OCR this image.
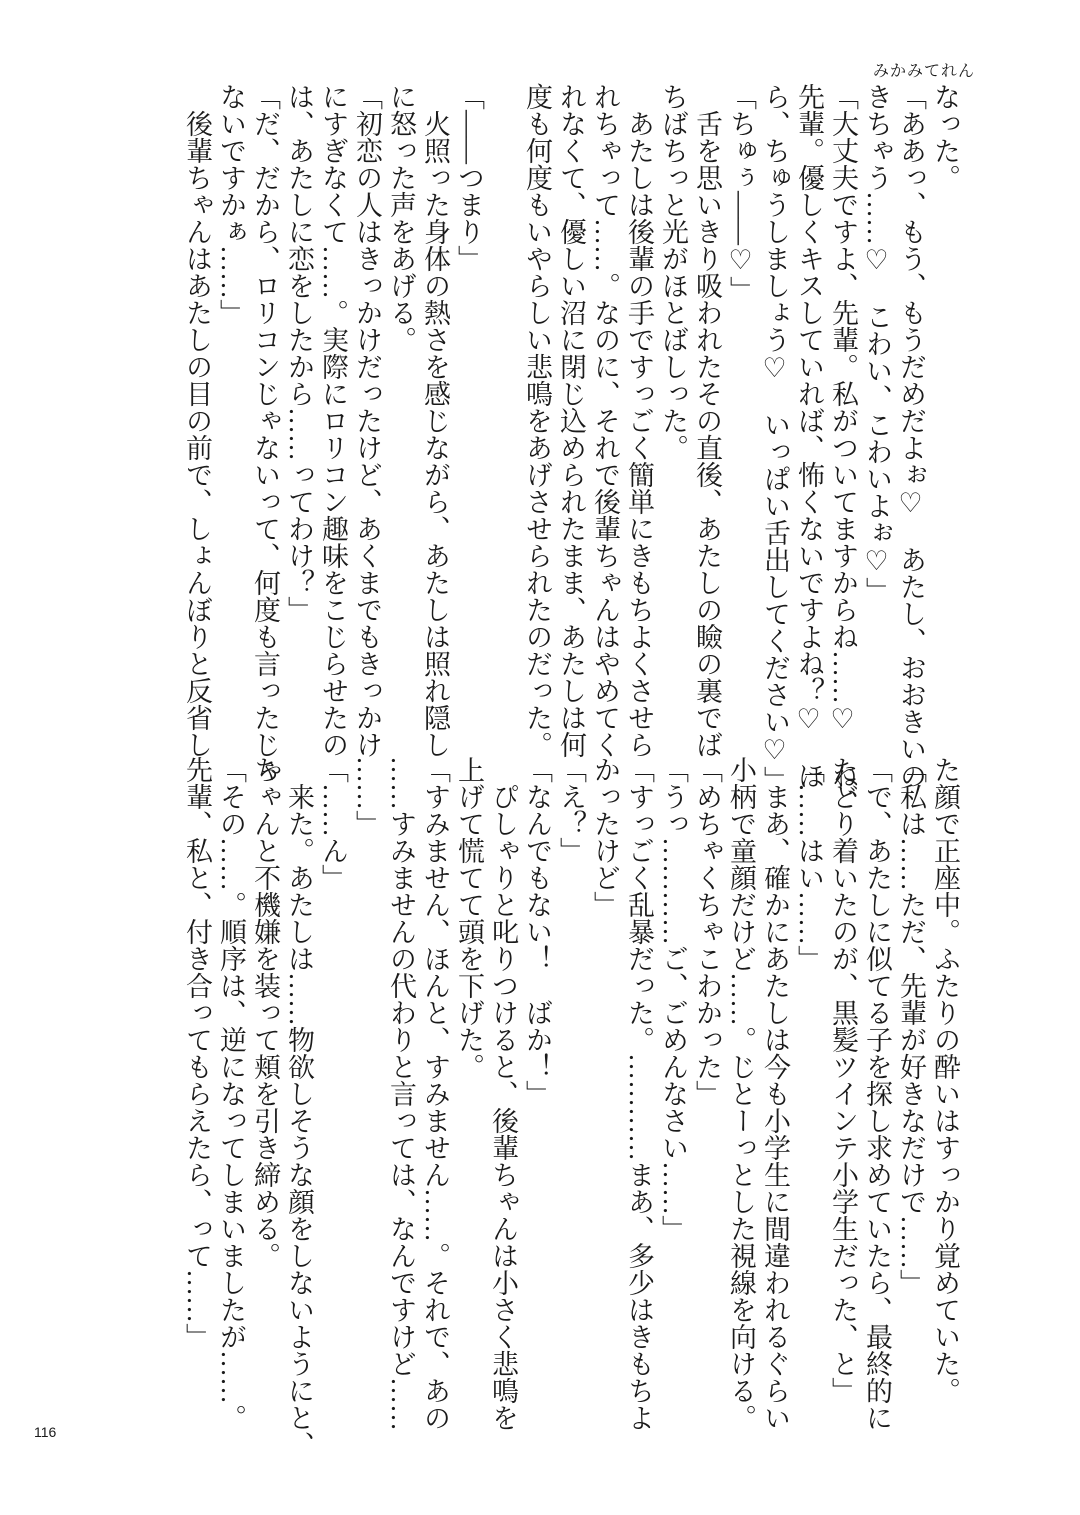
みかみてれん
なった。
「ああっ、もう、もうだめだよぉ♡　あたし、おおきいの
きちゃう……♡　こわい、こわいよぉ♡」
「大丈夫ですよ、先輩。私がついてますからね……♡　ね、
先輩。優しくキスしていれば、怖くないですよね？♡　ほ
ら、ちゅうしましょう♡　いっぱい舌出してください♡」
「ちゅぅ――♡」
　舌を思いきり吸われたその直後、あたしの瞼の裏でば
ちばちっと光がほとばしった。
　あたしは後輩の手ですっごく簡単にきもちよくさせら
れちゃって……。なのに、それで後輩ちゃんはやめてく
れなくて、優しい沼に閉じ込められたまま、あたしは何
度も何度もいやらしい悲鳴をあげさせられたのだった。

「――つまり」
　火照った身体の熱さを感じながら、あたしは照れ隠し
に怒った声をあげる。
「初恋の人はきっかけだったけど、あくまでもきっかけ
にすぎなくて……。実際にロリコン趣味をこじらせたの
は、あたしに恋をしたから……ってわけ？」
「だ、だから、ロリコンじゃないって、何度も言ったじゃ
ないですかぁ……」
　後輩ちゃんはあたしの目の前で、しょんぼりと反省し
た顔で正座中。ふたりの酔いはすっかり覚めていた。
「私は……ただ、先輩が好きなだけで……」
「で、あたしに似てる子を探し求めていたら、最終的に
たどり着いたのが、黒髪ツインテ小学生だった、と」
「……はい……」
　まあ、確かにあたしは今も小学生に間違われるぐらい
小柄で童顔だけど……。じとーっとした視線を向ける。
「めちゃくちゃこわかった」
「うっ…………ご、ごめんなさい……」
「すっごく乱暴だった。…………まあ、多少はきもちよ
かったけど」
「え？」
「なんでもない！　ばか！」
　ぴしゃりと叱りつけると、後輩ちゃんは小さく悲鳴を
上げて慌てて頭を下げた。
「すみません、ほんと、すみません……。それで、あの
……すみませんの代わりと言っては、なんですけど……
……」
「……ん」
　来た。あたしは……物欲しそうな顔をしないようにと、
ちゃんと不機嫌を装って頬を引き締める。
「その……。順序は、逆になってしまいましたが……。
先輩、私と、付き合ってもらえたら、って……」
116
